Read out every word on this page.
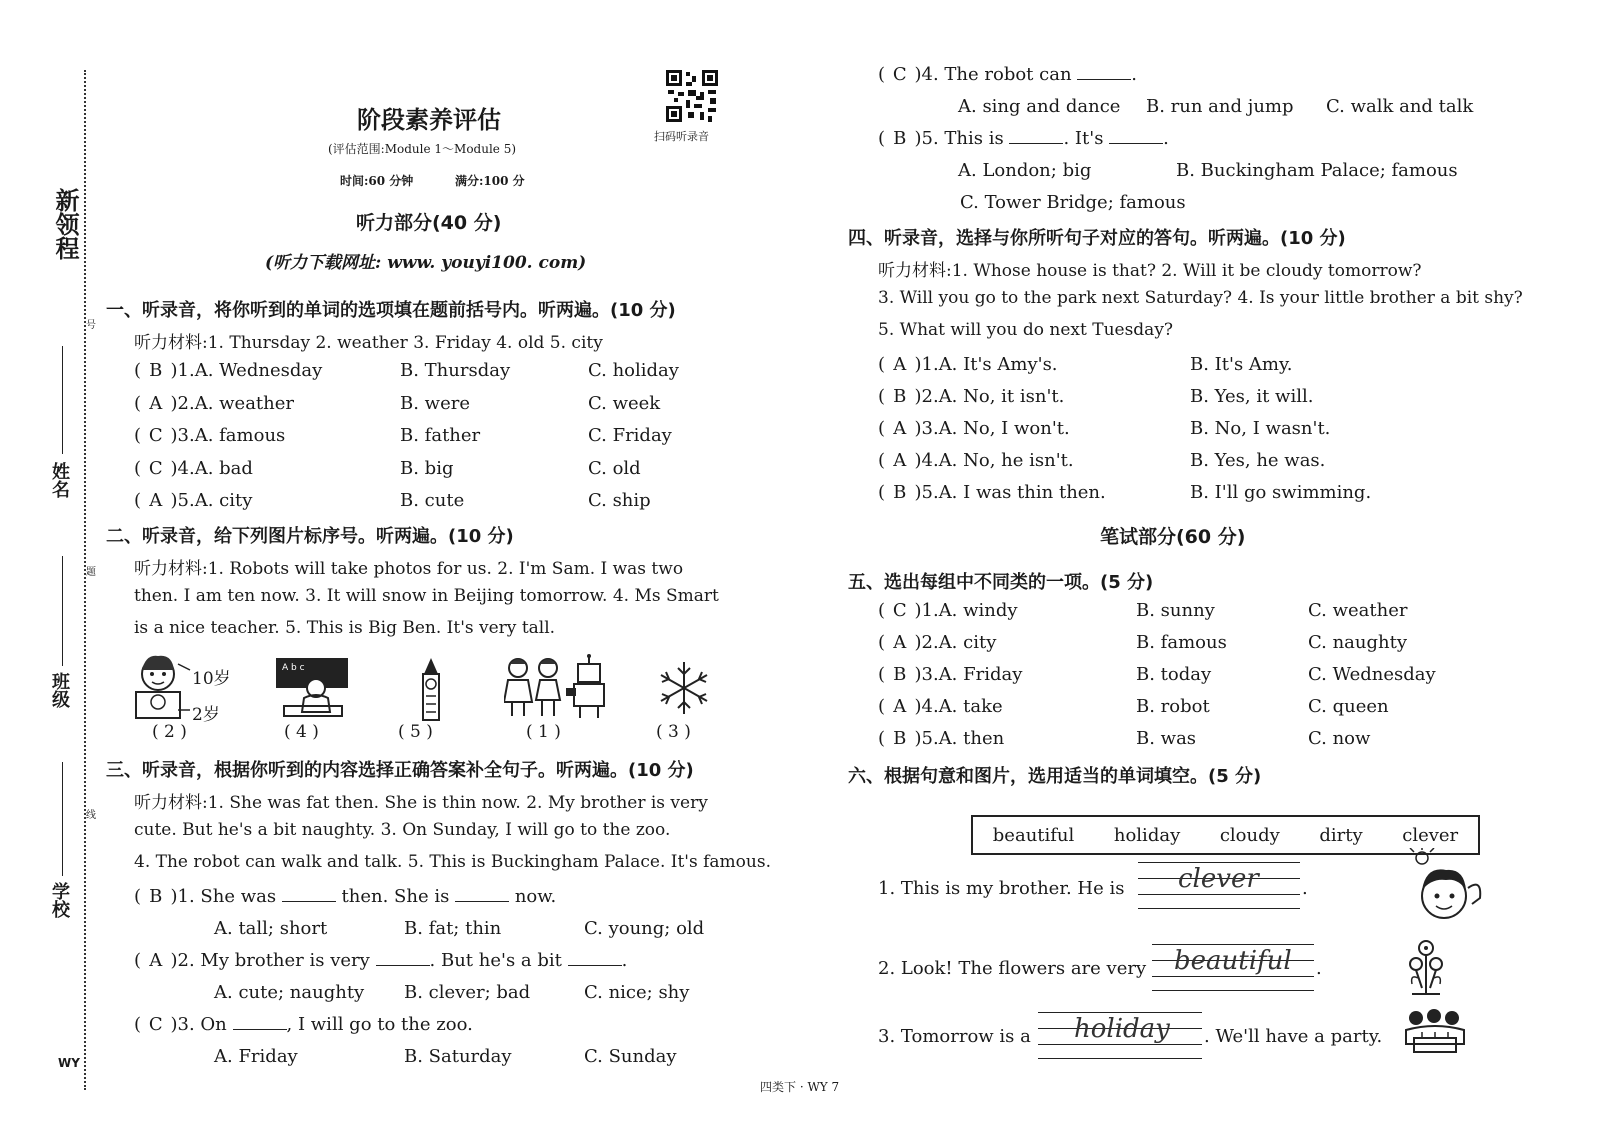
新领程
号
姓名
题
班级
线
学校
WY
阶段素养评估
(评估范围:Module 1～Module 5)
时间:60 分钟	满分:100 分
扫码听录音
听力部分(40 分)
(听力下载网址: www. youyi100. com)
一、听录音，将你听到的单词的选项填在题前括号内。听两遍。(10 分)
听力材料:1. Thursday 2. weather 3. Friday 4. old 5. city
( B )1.A. Wednesday	B. Thursday	C. holiday
( A )2.A. weather	B. were	C. week
( C )3.A. famous	B. father	C. Friday
( C )4.A. bad	B. big	C. old
( A )5.A. city	B. cute	C. ship
二、听录音，给下列图片标序号。听两遍。(10 分)
听力材料:1. Robots will take photos for us. 2. I'm Sam. I was two
then. I am ten now. 3. It will snow in Beijing tomorrow. 4. Ms Smart
is a nice teacher. 5. This is Big Ben. It's very tall.
10岁
2岁
A b c
( 2 )	( 4 )	( 5 )	( 1 )	( 3 )
三、听录音，根据你听到的内容选择正确答案补全句子。听两遍。(10 分)
听力材料:1. She was fat then. She is thin now. 2. My brother is very
cute. But he's a bit naughty. 3. On Sunday, I will go to the zoo.
4. The robot can walk and talk. 5. This is Buckingham Palace. It's famous.
( B )1. She was	then. She is	now.
A. tall; short	B. fat; thin	C. young; old
( A )2. My brother is very	. But he's a bit	.
A. cute; naughty B. clever; bad	C. nice; shy
( C )3. On	, I will go to the zoo.
A. Friday	B. Saturday	C. Sunday
( C )4. The robot can	.
A. sing and dance B. run and jump C. walk and talk
( B )5. This is	. It's	.
A. London; big	B. Buckingham Palace; famous
C. Tower Bridge; famous
四、听录音，选择与你所听句子对应的答句。听两遍。(10 分)
听力材料:1. Whose house is that? 2. Will it be cloudy tomorrow?
3. Will you go to the park next Saturday? 4. Is your little brother a bit shy?
5. What will you do next Tuesday?
( A )1.A. It's Amy's.	B. It's Amy.
( B )2.A. No, it isn't.	B. Yes, it will.
( A )3.A. No, I won't.	B. No, I wasn't.
( A )4.A. No, he isn't.	B. Yes, he was.
( B )5.A. I was thin then.	B. I'll go swimming.
笔试部分(60 分)
五、选出每组中不同类的一项。(5 分)
( C )1.A. windy	B. sunny	C. weather
( A )2.A. city	B. famous	C. naughty
( B )3.A. Friday	B. today	C. Wednesday
( A )4.A. take	B. robot	C. queen
( B )5.A. then	B. was	C. now
六、根据句意和图片，选用适当的单词填空。(5 分)
beautiful holiday cloudy dirty clever
1. This is my brother. He is clever .
2. Look! The flowers are very beautiful .
3. Tomorrow is a holiday . We'll have a party.
四类下 · WY 7
